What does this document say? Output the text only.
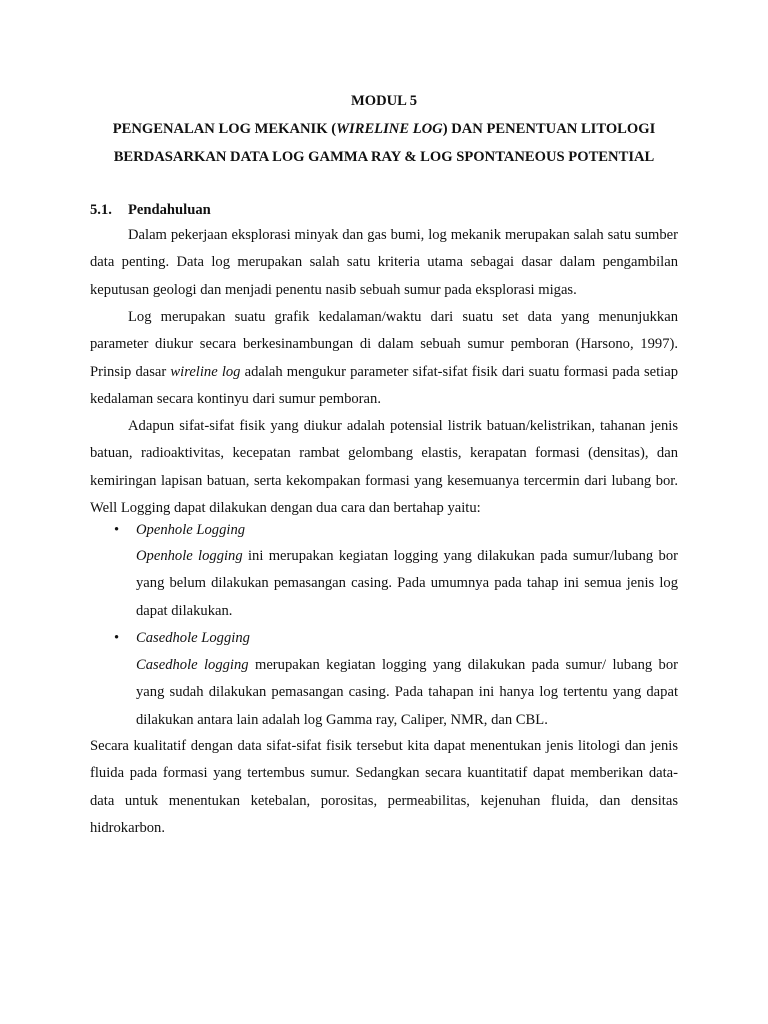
MODUL 5
PENGENALAN LOG MEKANIK (WIRELINE LOG) DAN PENENTUAN LITOLOGI
BERDASARKAN DATA LOG GAMMA RAY & LOG SPONTANEOUS POTENTIAL
5.1. Pendahuluan
Dalam pekerjaan eksplorasi minyak dan gas bumi, log mekanik merupakan salah satu sumber data penting. Data log merupakan salah satu kriteria utama sebagai dasar dalam pengambilan keputusan geologi dan menjadi penentu nasib sebuah sumur pada eksplorasi migas.
Log merupakan suatu grafik kedalaman/waktu dari suatu set data yang menunjukkan parameter diukur secara berkesinambungan di dalam sebuah sumur pemboran (Harsono, 1997). Prinsip dasar wireline log adalah mengukur parameter sifat-sifat fisik dari suatu formasi pada setiap kedalaman secara kontinyu dari sumur pemboran.
Adapun sifat-sifat fisik yang diukur adalah potensial listrik batuan/kelistrikan, tahanan jenis batuan, radioaktivitas, kecepatan rambat gelombang elastis, kerapatan formasi (densitas), dan kemiringan lapisan batuan, serta kekompakan formasi yang kesemuanya tercermin dari lubang bor. Well Logging dapat dilakukan dengan dua cara dan bertahap yaitu:
• Openhole Logging
Openhole logging ini merupakan kegiatan logging yang dilakukan pada sumur/lubang bor yang belum dilakukan pemasangan casing. Pada umumnya pada tahap ini semua jenis log dapat dilakukan.
• Casedhole Logging
Casedhole logging merupakan kegiatan logging yang dilakukan pada sumur/ lubang bor yang sudah dilakukan pemasangan casing. Pada tahapan ini hanya log tertentu yang dapat dilakukan antara lain adalah log Gamma ray, Caliper, NMR, dan CBL.
Secara kualitatif dengan data sifat-sifat fisik tersebut kita dapat menentukan jenis litologi dan jenis fluida pada formasi yang tertembus sumur. Sedangkan secara kuantitatif dapat memberikan data-data untuk menentukan ketebalan, porositas, permeabilitas, kejenuhan fluida, dan densitas hidrokarbon.
